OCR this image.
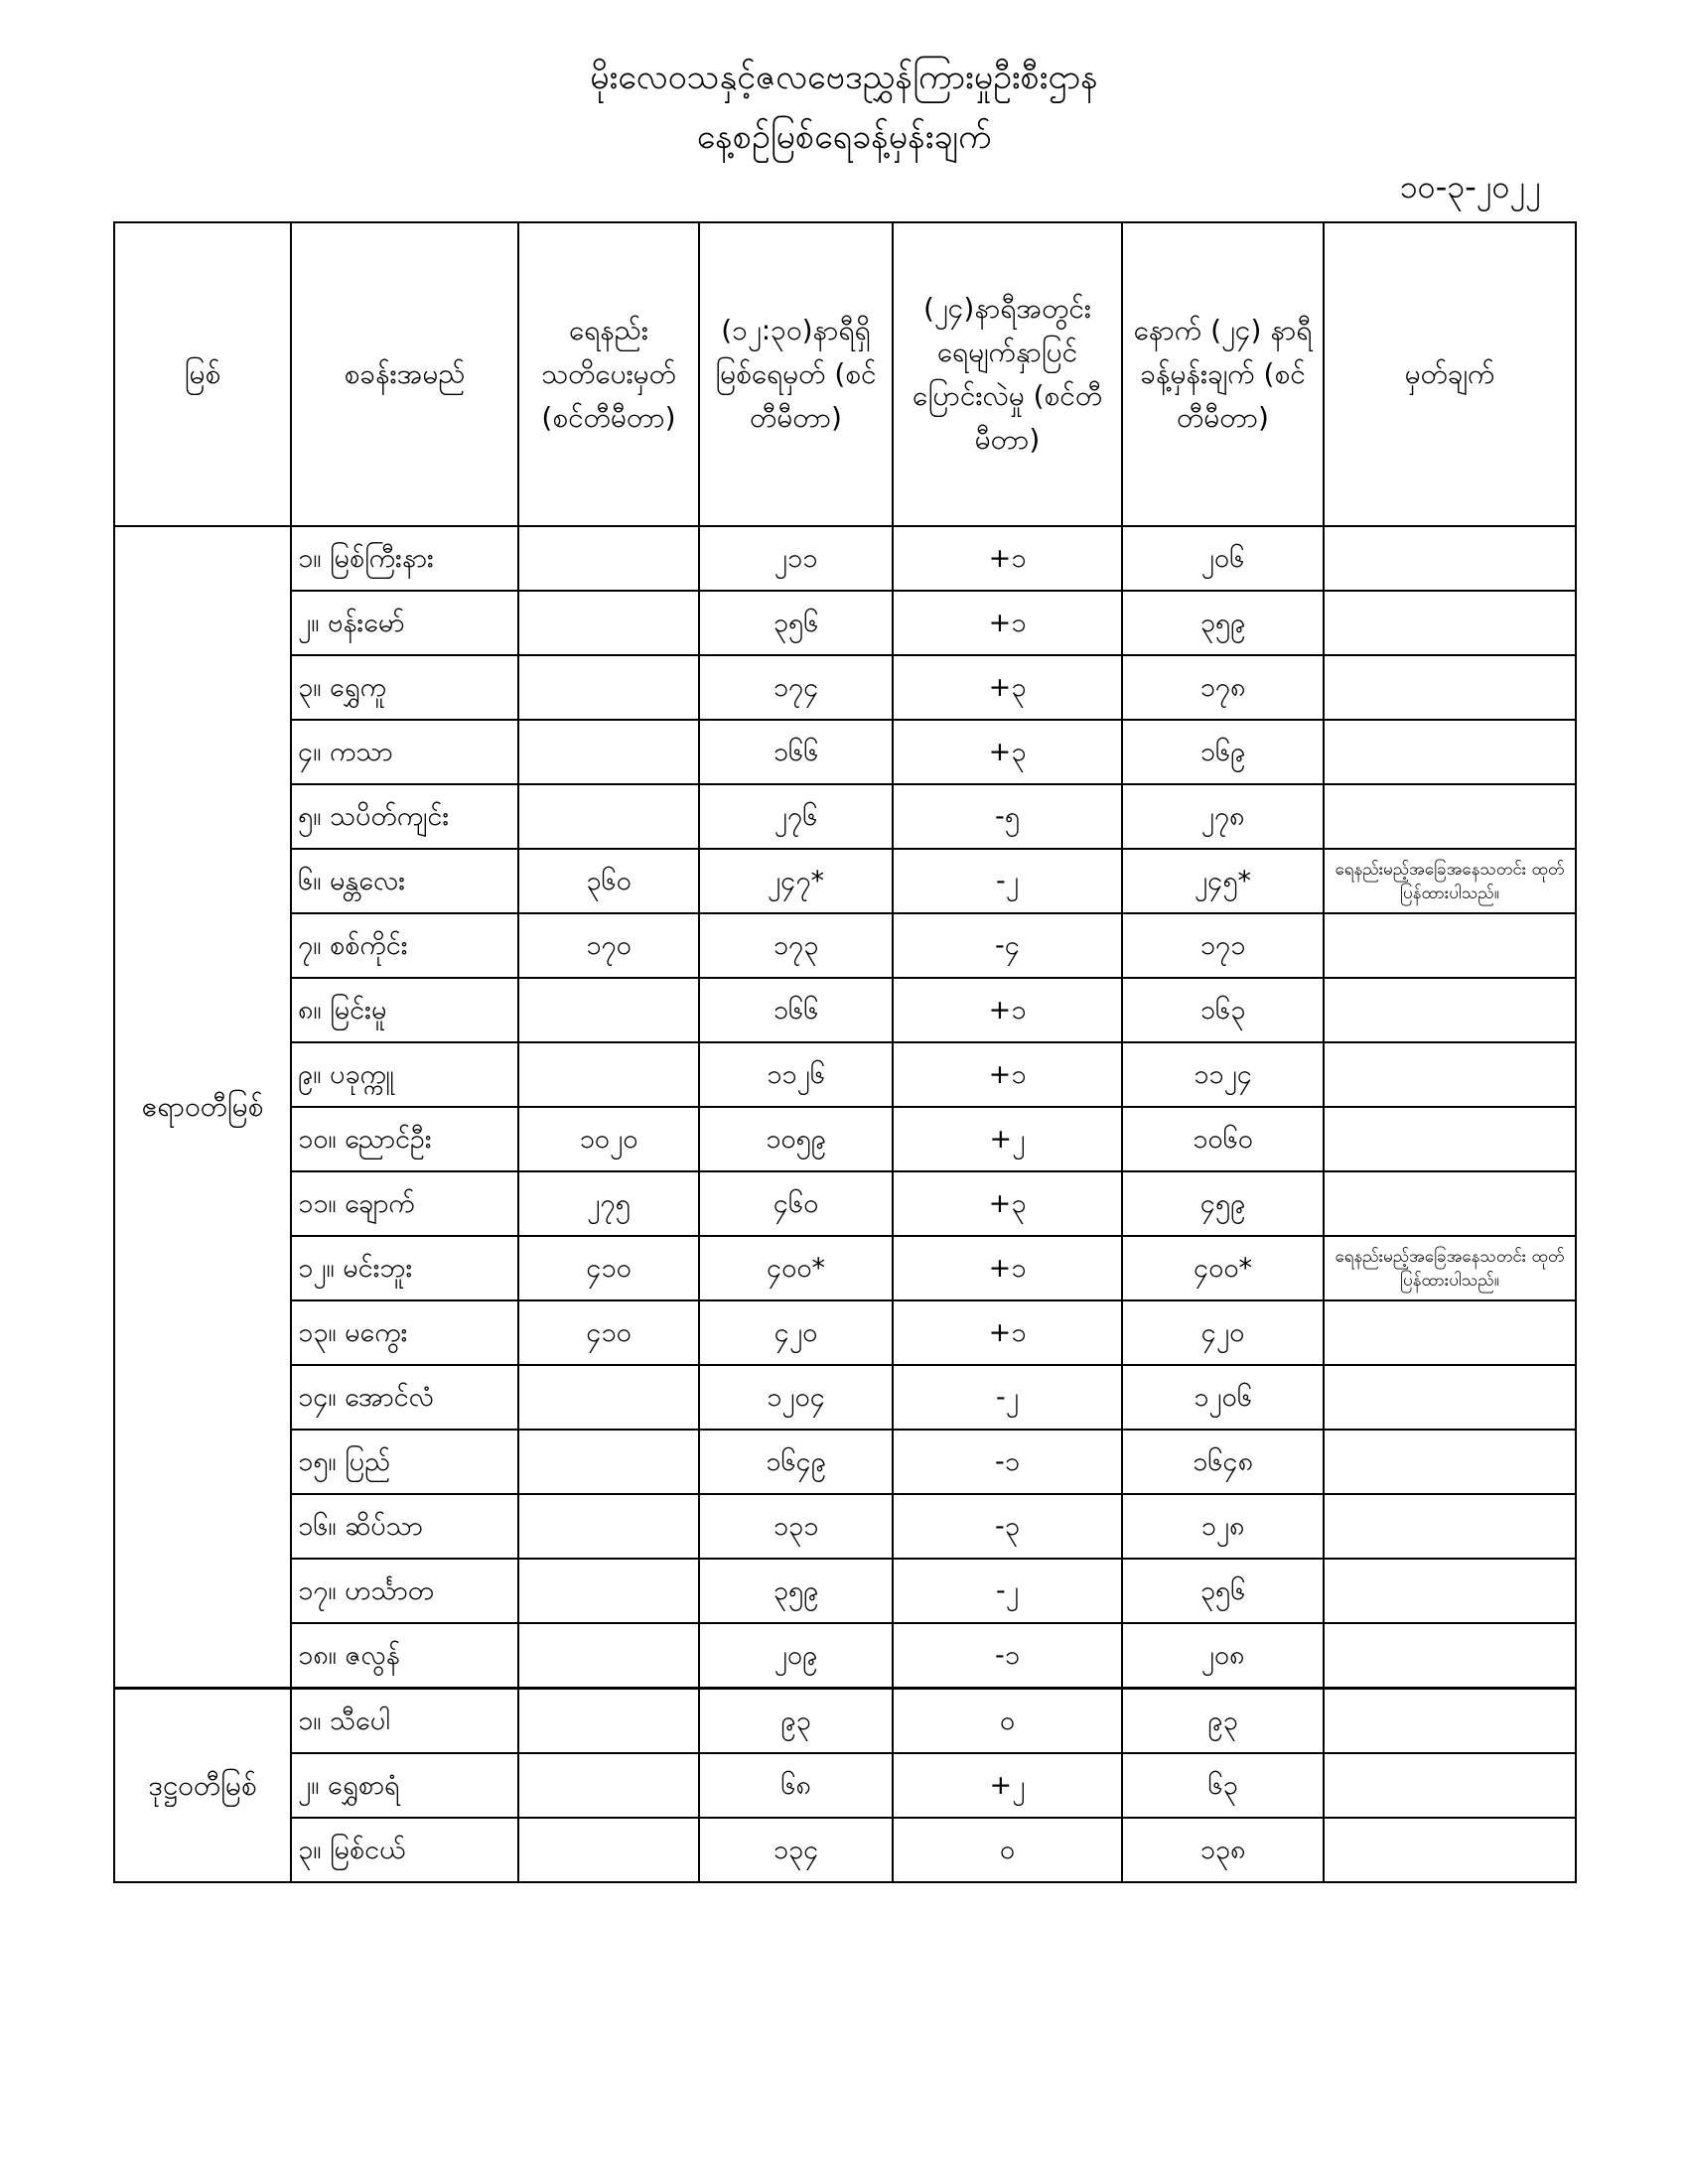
မိုးလေဝသနှင့်ဇလဗေဒညွှန်ကြားမှုဦးစီးဌာန
နေ့စဉ်မြစ်ရေခန့်မှန်းချက်
၁၀-၃-၂၀၂၂
မြစ်	စခန်းအမည်	ရေနည်း သတိပေးမှတ် (စင်တီမီတာ)	(၁၂:၃၀)နာရီရှိ မြစ်ရေမှတ် (စင်တီမီတာ)	(၂၄)နာရီအတွင်း ရေမျက်နှာပြင် ပြောင်းလဲမှု (စင်တီမီတာ)	နောက် (၂၄) နာရီ ခန့်မှန်းချက် (စင်တီမီတာ)	မှတ်ချက်
ဧရာဝတီမြစ်	၁။ မြစ်ကြီးနား		၂၁၁	+၁	၂၀၆	
	၂။ ဗန်းမော်		၃၅၆	+၁	၃၅၉	
	၃။ ရွှေကူ		၁၇၄	+၃	၁၇၈	
	၄။ ကသာ		၁၆၆	+၃	၁၆၉	
	၅။ သပိတ်ကျင်း		၂၇၆	-၅	၂၇၈	
	၆။ မန္တလေး	၃၆၀	၂၄၇*	-၂	၂၄၅*	ရေနည်းမည့်အခြေအနေသတင်း ထုတ်ပြန်ထားပါသည်။
	၇။ စစ်ကိုင်း	၁၇၀	၁၇၃	-၄	၁၇၁	
	၈။ မြင်းမူ		၁၆၆	+၁	၁၆၃	
	၉။ ပခုက္ကူ		၁၁၂၆	+၁	၁၁၂၄	
	၁၀။ ညောင်ဦး	၁၀၂၀	၁၀၅၉	+၂	၁၀၆၀	
	၁၁။ ချောက်	၂၇၅	၄၆၀	+၃	၄၅၉	
	၁၂။ မင်းဘူး	၄၁၀	၄၀၀*	+၁	၄၀၀*	ရေနည်းမည့်အခြေအနေသတင်း ထုတ်ပြန်ထားပါသည်။
	၁၃။ မကွေး	၄၁၀	၄၂၀	+၁	၄၂၀	
	၁၄။ အောင်လံ		၁၂၀၄	-၂	၁၂၀၆	
	၁၅။ ပြည်		၁၆၄၉	-၁	၁၆၄၈	
	၁၆။ ဆိပ်သာ		၁၃၁	-၃	၁၂၈	
	၁၇။ ဟင်္သာတ		၃၅၉	-၂	၃၅၆	
	၁၈။ ဇလွန်		၂၀၉	-၁	၂၀၈	
ဒုဋ္ဌဝတီမြစ်	၁။ သီပေါ		၉၃	၀	၉၃	
	၂။ ရွှေစာရံ		၆၈	+၂	၆၃	
	၃။ မြစ်ငယ်		၁၃၄	၀	၁၃၈	
